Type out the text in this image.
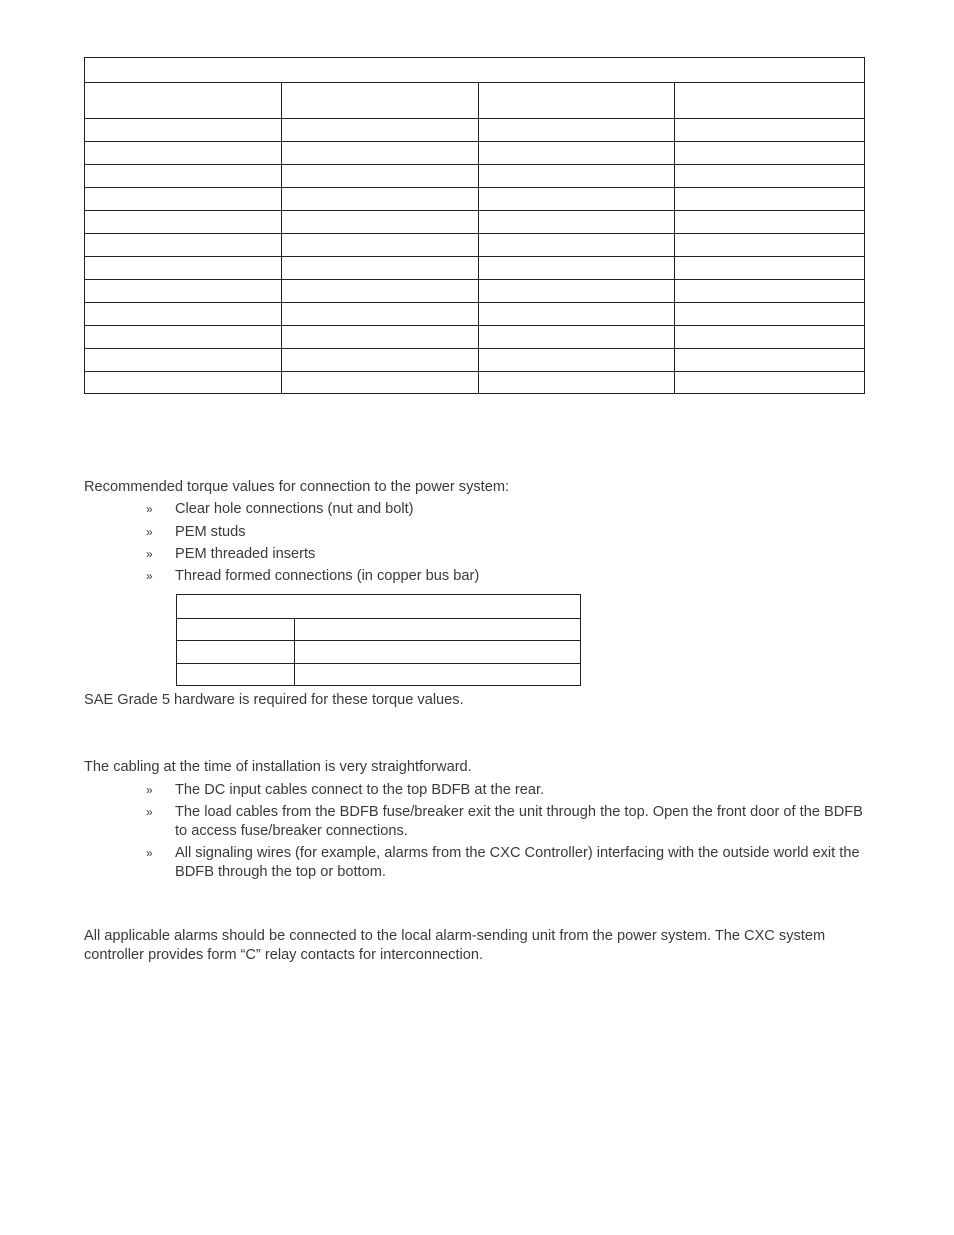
Recommended torque values for connection to the power system:

» Clear hole connections (nut and bolt)
» PEM studs
» PEM threaded inserts
» Thread formed connections (in copper bus bar)

SAE Grade 5 hardware is required for these torque values.

The cabling at the time of installation is very straightforward.

» The DC input cables connect to the top BDFB at the rear.
» The load cables from the BDFB fuse/breaker exit the unit through the top. Open the front door of the BDFB to access fuse/breaker connections.
» All signaling wires (for example, alarms from the CXC Controller) interfacing with the outside world exit the BDFB through the top or bottom.

All applicable alarms should be connected to the local alarm-sending unit from the power system. The CXC system controller provides form “C” relay contacts for interconnection.
